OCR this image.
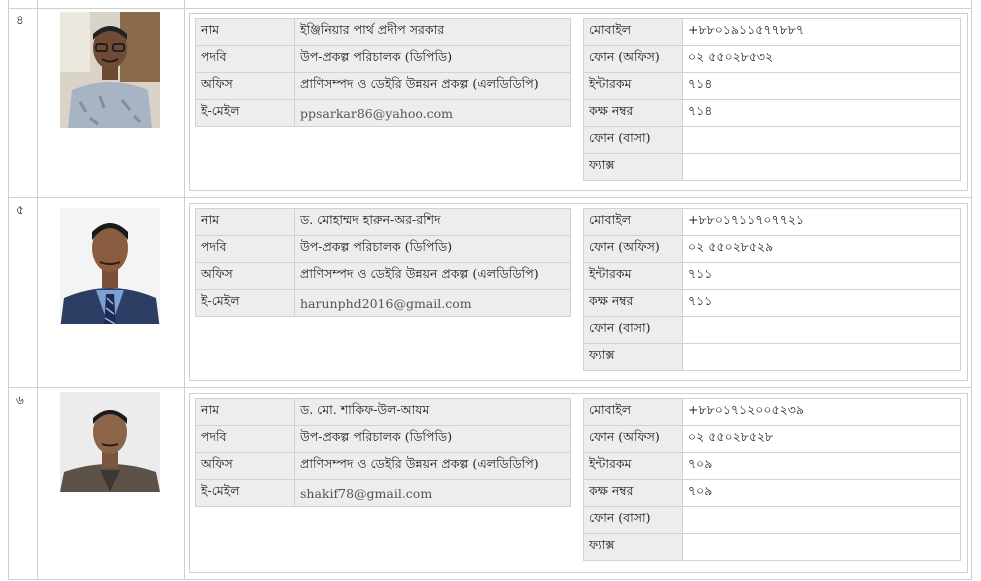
৪
নাম	ইঞ্জিনিয়ার পার্থ প্রদীপ সরকার
পদবি	উপ-প্রকল্প পরিচালক (ডিপিডি)
অফিস	প্রাণিসম্পদ ও ডেইরি উন্নয়ন প্রকল্প (এলডিডিপি)
ই-মেইল	ppsarkar86@yahoo.com
মোবাইল	+৮৮০১৯১১৫৭৭৮৮৭
ফোন (অফিস)	০২ ৫৫০২৮৫৩২
ইন্টারকম	৭১৪
কক্ষ নম্বর	৭১৪
ফোন (বাসা)	
ফ্যাক্স	
৫
নাম	ড. মোহাম্মদ হারুন-অর-রশিদ
পদবি	উপ-প্রকল্প পরিচালক (ডিপিডি)
অফিস	প্রাণিসম্পদ ও ডেইরি উন্নয়ন প্রকল্প (এলডিডিপি)
ই-মেইল	harunphd2016@gmail.com
মোবাইল	+৮৮০১৭১১৭০৭৭২১
ফোন (অফিস)	০২ ৫৫০২৮৫২৯
ইন্টারকম	৭১১
কক্ষ নম্বর	৭১১
ফোন (বাসা)	
ফ্যাক্স	
৬
নাম	ড. মো. শাকিফ-উল-আযম
পদবি	উপ-প্রকল্প পরিচালক (ডিপিডি)
অফিস	প্রাণিসম্পদ ও ডেইরি উন্নয়ন প্রকল্প (এলডিডিপি)
ই-মেইল	shakif78@gmail.com
মোবাইল	+৮৮০১৭১২০০৫২৩৯
ফোন (অফিস)	০২ ৫৫০২৮৫২৮
ইন্টারকম	৭০৯
কক্ষ নম্বর	৭০৯
ফোন (বাসা)	
ফ্যাক্স	
